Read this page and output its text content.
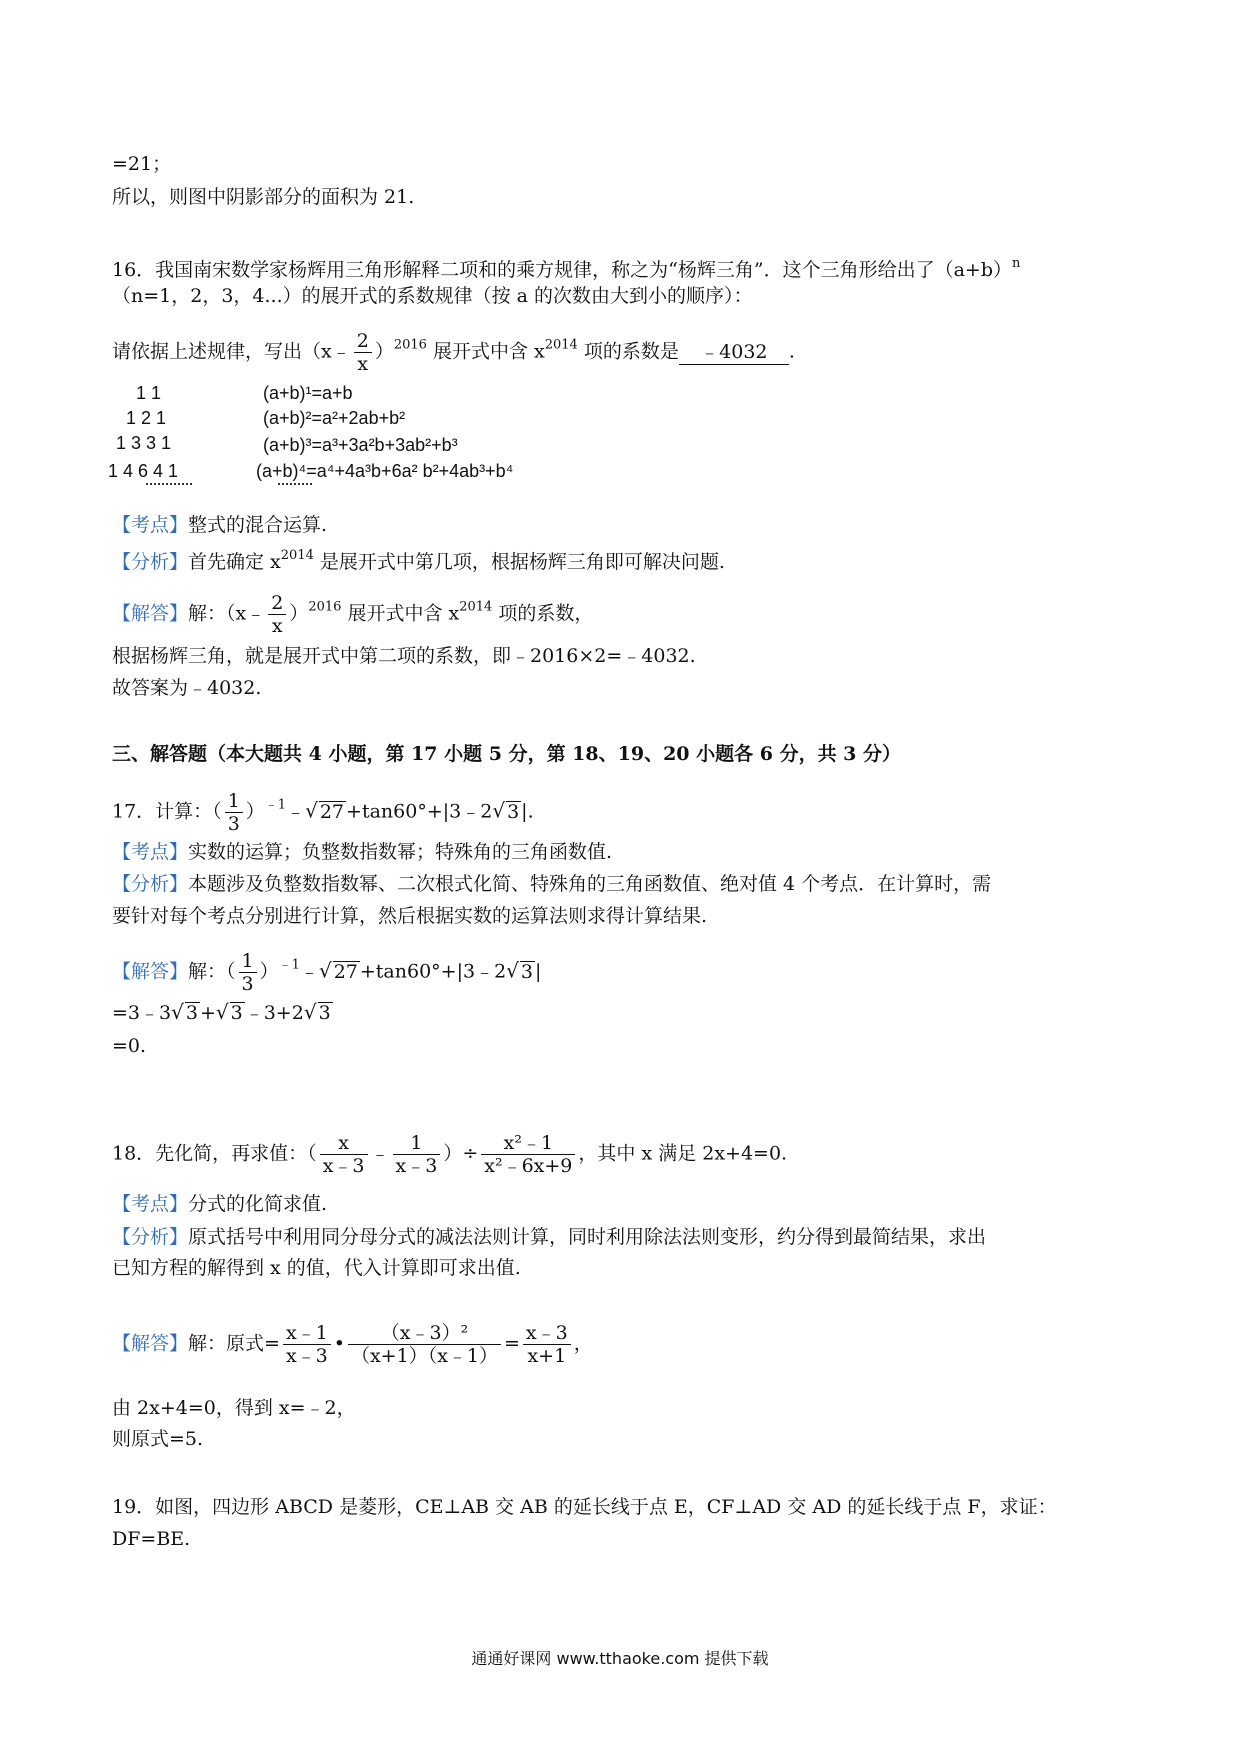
=21；
所以，则图中阴影部分的面积为 21.
16．我国南宋数学家杨辉用三角形解释二项和的乘方规律，称之为“杨辉三角”．这个三角形给出了$(a+b)^n$
（n=1，2，3，4...）的展开式的系数规律（按 a 的次数由大到小的顺序）：
请依据上述规律，写出（x﹣ $\frac{2}{x} )^{2016}$ 展开式中含 $x^{2014}$ 项的系数是 ﹣4032 .
1 1
1 2 1
1 3 3 1
1 4 6 4 1
(a+b)¹=a+b
(a+b)²=a²+2ab+b²
(a+b)³=a³+3a²b+3ab²+b³
(a+b)⁴=a⁴+4a³b+6a² b²+4ab³+b⁴
【考点】整式的混合运算.
【分析】首先确定 $x^{2014}$ 是展开式中第几项，根据杨辉三角即可解决问题.
【解答】解：（x﹣ $\frac{2}{x} )^{2016}$ 展开式中含 $x^{2014}$ 项的系数，
根据杨辉三角，就是展开式中第二项的系数，即﹣2016×2=﹣4032.
故答案为﹣4032.
三、解答题（本大题共 4 小题，第 17 小题 5 分，第 18、19、20 小题各 6 分，共 3 分）
17．计算：（ $\frac{1}{3}$ ）$^{﹣1}$﹣√ 27 +tan60°+|3﹣2√ 3 |.
【考点】实数的运算；负整数指数幂；特殊角的三角函数值.
【分析】本题涉及负整数指数幂、二次根式化简、特殊角的三角函数值、绝对值 4 个考点．在计算时，需
要针对每个考点分别进行计算，然后根据实数的运算法则求得计算结果.
【解答】解：（ $\frac{1}{3}$ ）$^{﹣1}$﹣√ 27 +tan60°+|3﹣2√ 3 |
=3﹣3√ 3 +√ 3 ﹣3+2√ 3
=0.
18．先化简，再求值：（ $\frac{x}{x﹣3}$ ﹣ $\frac{1}{x﹣3}$ ）÷ $\frac{\text{x²﹣1}}{\text{x²﹣6x+9}}$ ，其中 x 满足 2x+4=0.
【考点】分式的化简求值.
【分析】原式括号中利用同分母分式的减法法则计算，同时利用除法法则变形，约分得到最简结果，求出
已知方程的解得到 x 的值，代入计算即可求出值.
【解答】解：原式= $\frac{x﹣1}{x﹣3}$ • $\frac{\text{（x﹣3）²}}{(x+1)(x﹣1)} = \frac{x﹣3}{x+1}$ ，
由 2x+4=0，得到 x=﹣2，
则原式=5.
19．如图，四边形 ABCD 是菱形，CE⊥AB 交 AB 的延长线于点 E，CF⊥AD 交 AD 的延长线于点 F，求证：
DF=BE.
通通好课网 www.tthaoke.com 提供下载
